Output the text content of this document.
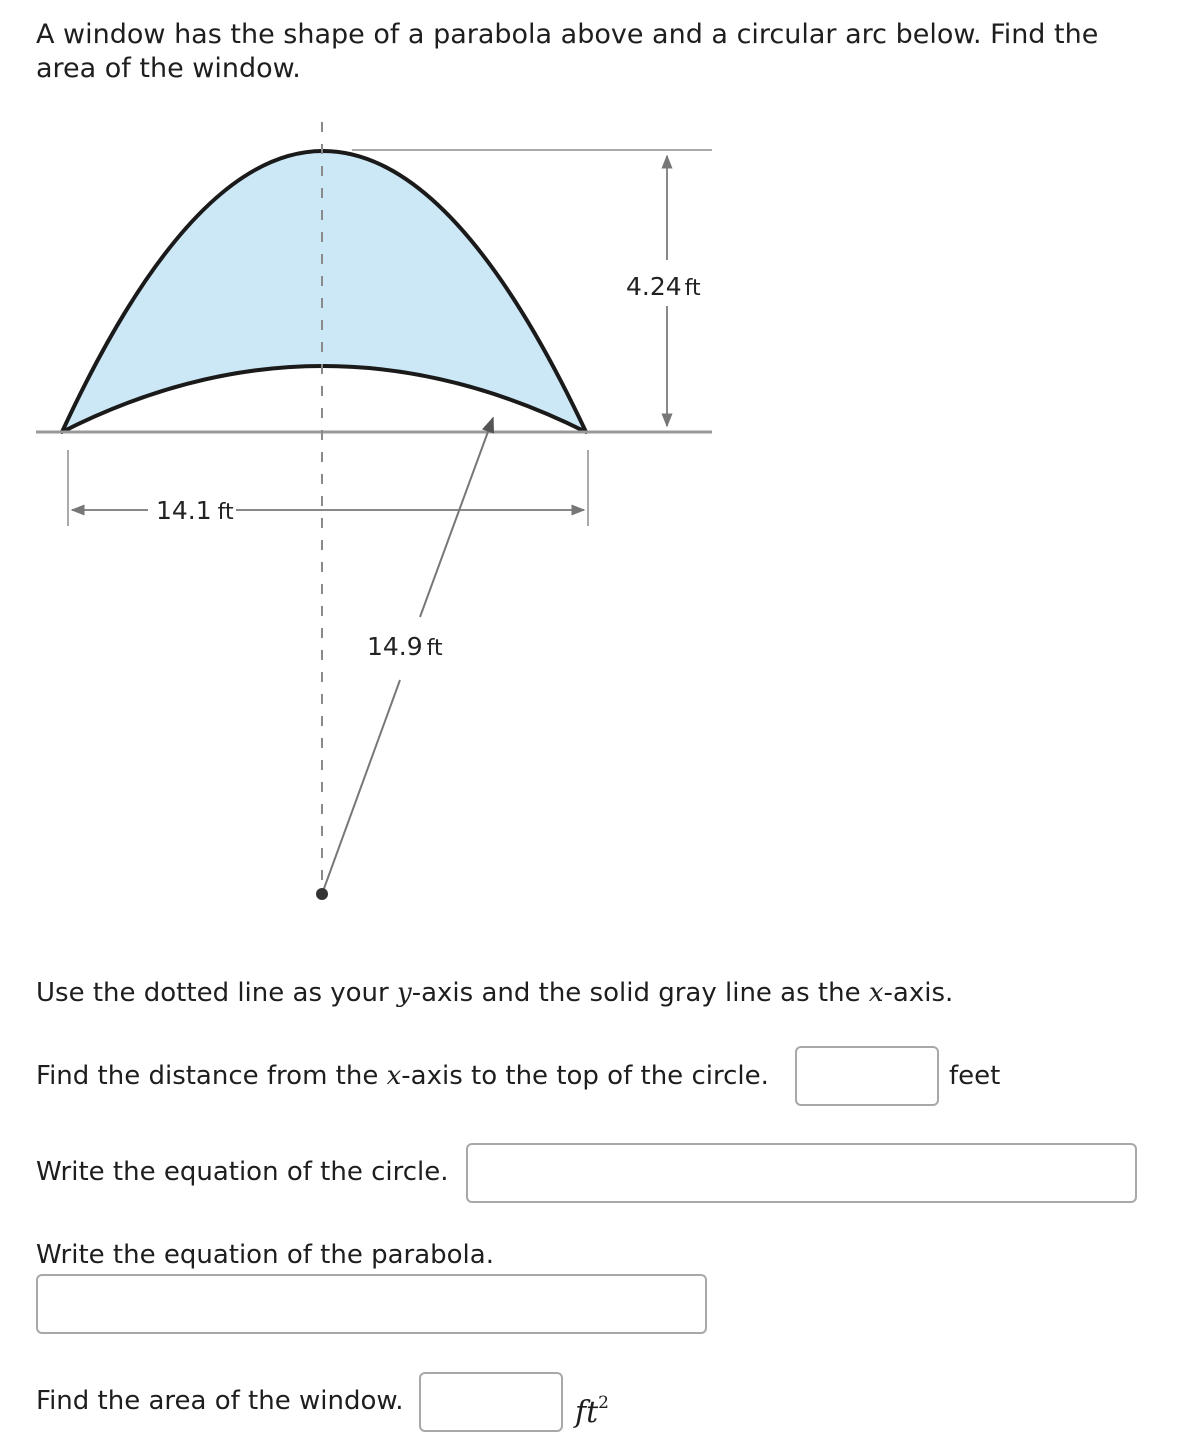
A window has the shape of a parabola above and a circular arc below. Find the area of the window.

4.24 ft
14.1 ft
14.9 ft
Use the dotted line as your y-axis and the solid gray line as the x-axis.
Find the distance from the x-axis to the top of the circle.	feet
Write the equation of the circle.
Write the equation of the parabola.
Find the area of the window.	$ft^2$
